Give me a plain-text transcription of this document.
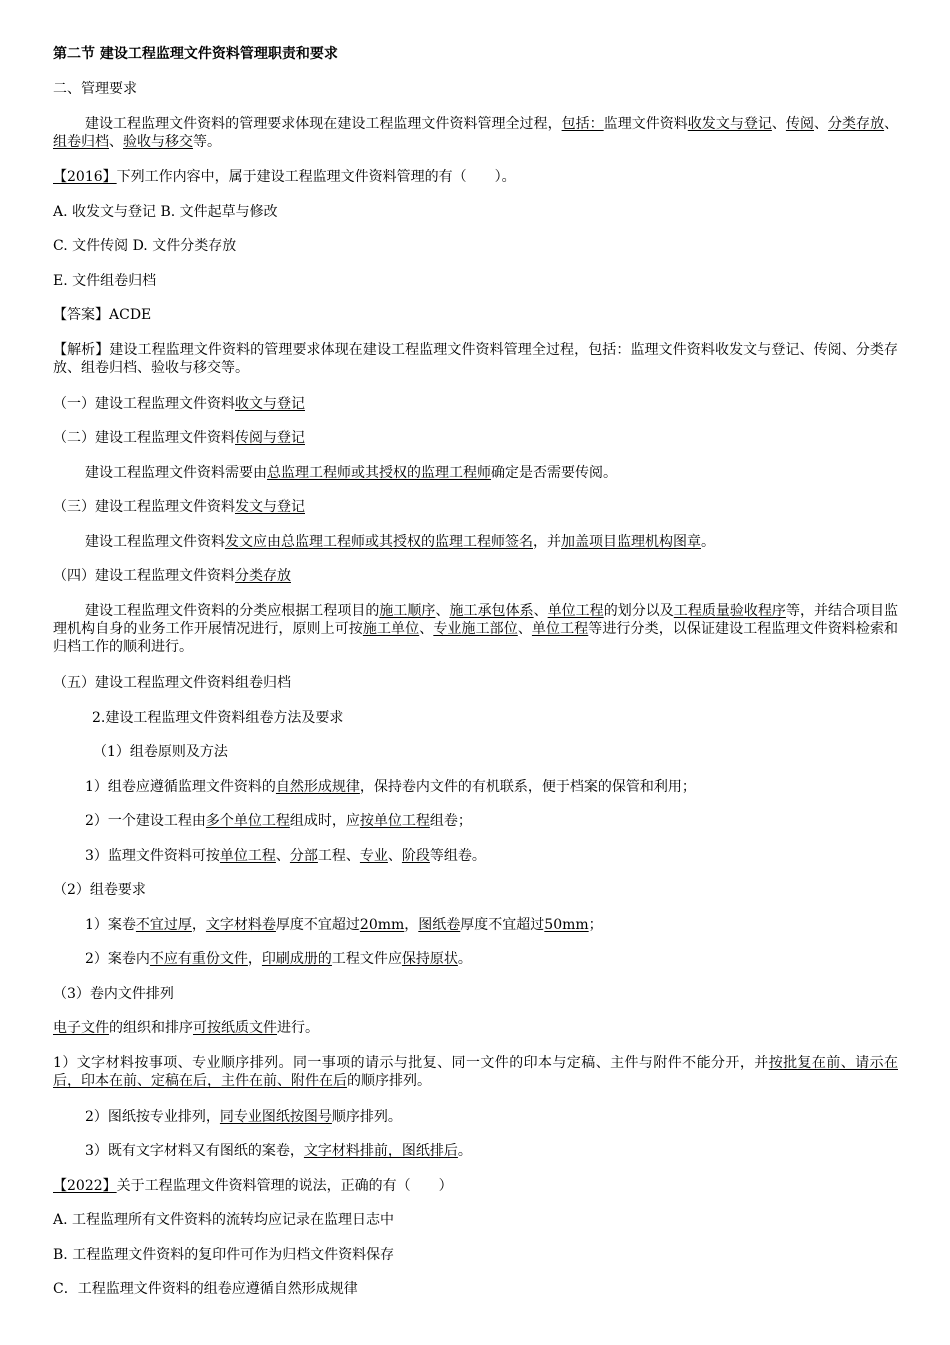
第二节 建设工程监理文件资料管理职责和要求
二、管理要求
建设工程监理文件资料的管理要求体现在建设工程监理文件资料管理全过程，包括：监理文件资料收发文与登记、传阅、分类存放、组卷归档、验收与移交等。
【2016】下列工作内容中，属于建设工程监理文件资料管理的有（　　）。
A. 收发文与登记 B. 文件起草与修改
C. 文件传阅 D. 文件分类存放
E. 文件组卷归档
【答案】ACDE
【解析】建设工程监理文件资料的管理要求体现在建设工程监理文件资料管理全过程，包括：监理文件资料收发文与登记、传阅、分类存放、组卷归档、验收与移交等。
（一）建设工程监理文件资料收文与登记
（二）建设工程监理文件资料传阅与登记
建设工程监理文件资料需要由总监理工程师或其授权的监理工程师确定是否需要传阅。
（三）建设工程监理文件资料发文与登记
建设工程监理文件资料发文应由总监理工程师或其授权的监理工程师签名，并加盖项目监理机构图章。
（四）建设工程监理文件资料分类存放
建设工程监理文件资料的分类应根据工程项目的施工顺序、施工承包体系、单位工程的划分以及工程质量验收程序等，并结合项目监理机构自身的业务工作开展情况进行，原则上可按施工单位、专业施工部位、单位工程等进行分类，以保证建设工程监理文件资料检索和归档工作的顺利进行。
（五）建设工程监理文件资料组卷归档
2.建设工程监理文件资料组卷方法及要求
（1）组卷原则及方法
1）组卷应遵循监理文件资料的自然形成规律，保持卷内文件的有机联系，便于档案的保管和利用；
2）一个建设工程由多个单位工程组成时，应按单位工程组卷；
3）监理文件资料可按单位工程、分部工程、专业、阶段等组卷。
（2）组卷要求
1）案卷不宜过厚，文字材料卷厚度不宜超过20mm，图纸卷厚度不宜超过50mm；
2）案卷内不应有重份文件，印刷成册的工程文件应保持原状。
（3）卷内文件排列
电子文件的组织和排序可按纸质文件进行。
1）文字材料按事项、专业顺序排列。同一事项的请示与批复、同一文件的印本与定稿、主件与附件不能分开，并按批复在前、请示在后，印本在前、定稿在后，主件在前、附件在后的顺序排列。
2）图纸按专业排列，同专业图纸按图号顺序排列。
3）既有文字材料又有图纸的案卷，文字材料排前，图纸排后。
【2022】关于工程监理文件资料管理的说法，正确的有（　　）
A. 工程监理所有文件资料的流转均应记录在监理日志中
B. 工程监理文件资料的复印件可作为归档文件资料保存
C．工程监理文件资料的组卷应遵循自然形成规律
